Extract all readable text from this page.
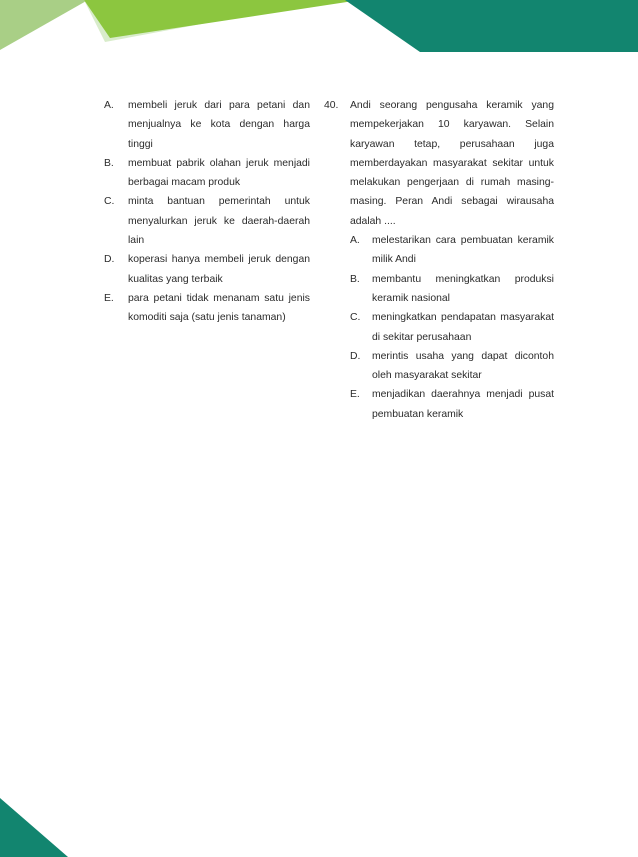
A.	membeli jeruk dari para petani dan menjualnya ke kota dengan harga tinggi
B.	membuat pabrik olahan jeruk menjadi berbagai macam produk
C.	minta bantuan pemerintah untuk menyalurkan jeruk ke daerah-daerah lain
D.	koperasi hanya membeli jeruk dengan kualitas yang terbaik
E.	para petani tidak menanam satu jenis komoditi saja (satu jenis tanaman)
40.	Andi seorang pengusaha keramik yang mempekerjakan 10 karyawan. Selain karyawan tetap, perusahaan juga memberdayakan masyarakat sekitar untuk melakukan pengerjaan di rumah masing-masing. Peran Andi sebagai wirausaha adalah ....
A.	melestarikan cara pembuatan keramik milik Andi
B.	membantu meningkatkan produksi keramik nasional
C.	meningkatkan pendapatan masyarakat di sekitar perusahaan
D.	merintis usaha yang dapat dicontoh oleh masyarakat sekitar
E.	menjadikan daerahnya menjadi pusat pembuatan keramik
